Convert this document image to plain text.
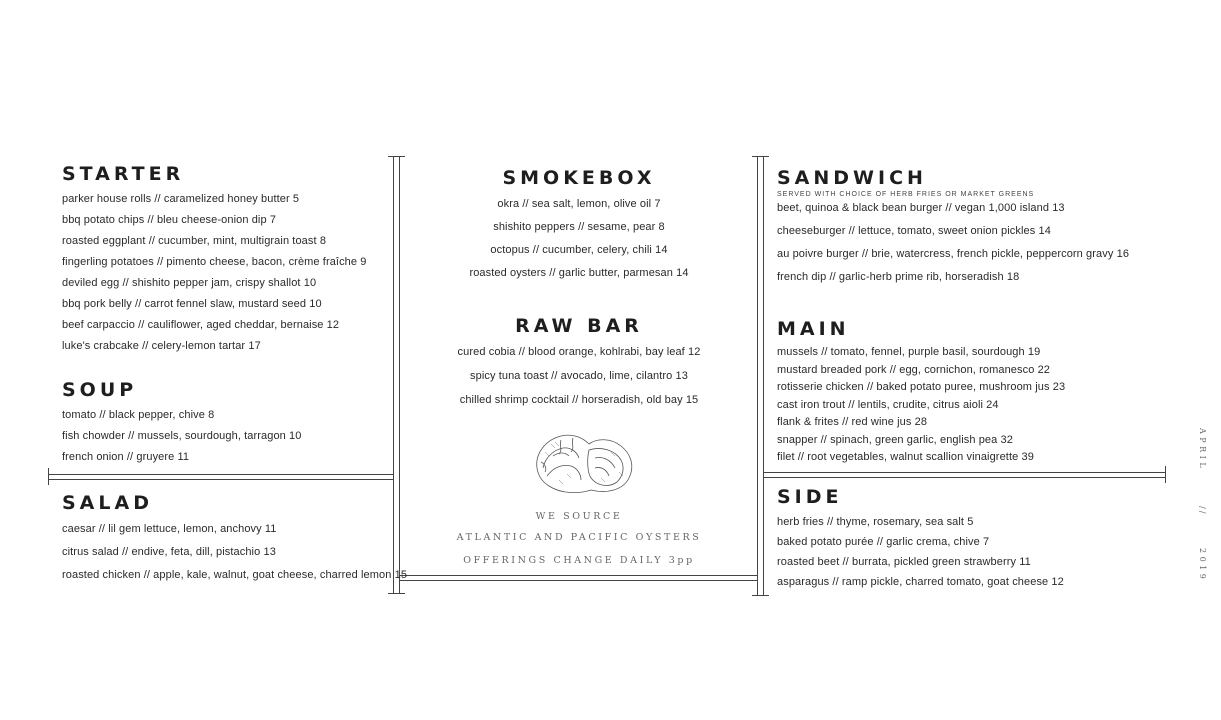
STARTER
parker house rolls // caramelized honey butter 5
bbq potato chips // bleu cheese-onion dip 7
roasted eggplant // cucumber, mint, multigrain toast 8
fingerling potatoes // pimento cheese, bacon, crème fraîche 9
deviled egg // shishito pepper jam, crispy shallot 10
bbq pork belly // carrot fennel slaw, mustard seed 10
beef carpaccio // cauliflower, aged cheddar, bernaise 12
luke's crabcake // celery-lemon tartar 17
SOUP
tomato // black pepper, chive 8
fish chowder // mussels, sourdough, tarragon 10
french onion // gruyere 11
SALAD
caesar // lil gem lettuce, lemon, anchovy 11
citrus salad // endive, feta, dill, pistachio 13
roasted chicken // apple, kale, walnut, goat cheese, charred lemon 15
SMOKEBOX
okra // sea salt, lemon, olive oil 7
shishito peppers // sesame, pear 8
octopus // cucumber, celery, chili 14
roasted oysters // garlic butter, parmesan 14
RAW BAR
cured cobia // blood orange, kohlrabi, bay leaf 12
spicy tuna toast // avocado, lime, cilantro 13
chilled shrimp cocktail // horseradish, old bay 15
WE SOURCE
ATLANTIC AND PACIFIC OYSTERS
OFFERINGS CHANGE DAILY 3pp
SANDWICH
SERVED WITH CHOICE OF HERB FRIES OR MARKET GREENS
beet, quinoa & black bean burger // vegan 1,000 island 13
cheeseburger // lettuce, tomato, sweet onion pickles 14
au poivre burger // brie, watercress, french pickle, peppercorn gravy 16
french dip // garlic-herb prime rib, horseradish 18
MAIN
mussels // tomato, fennel, purple basil, sourdough 19
mustard breaded pork // egg, cornichon, romanesco 22
rotisserie chicken // baked potato puree, mushroom jus 23
cast iron trout // lentils, crudite, citrus aioli 24
flank & frites // red wine jus 28
snapper // spinach, green garlic, english pea 32
filet // root vegetables, walnut scallion vinaigrette 39
SIDE
herb fries // thyme, rosemary, sea salt 5
baked potato purée // garlic crema, chive 7
roasted beet // burrata, pickled green strawberry 11
asparagus // ramp pickle, charred tomato, goat cheese 12
APRIL
//
2019
